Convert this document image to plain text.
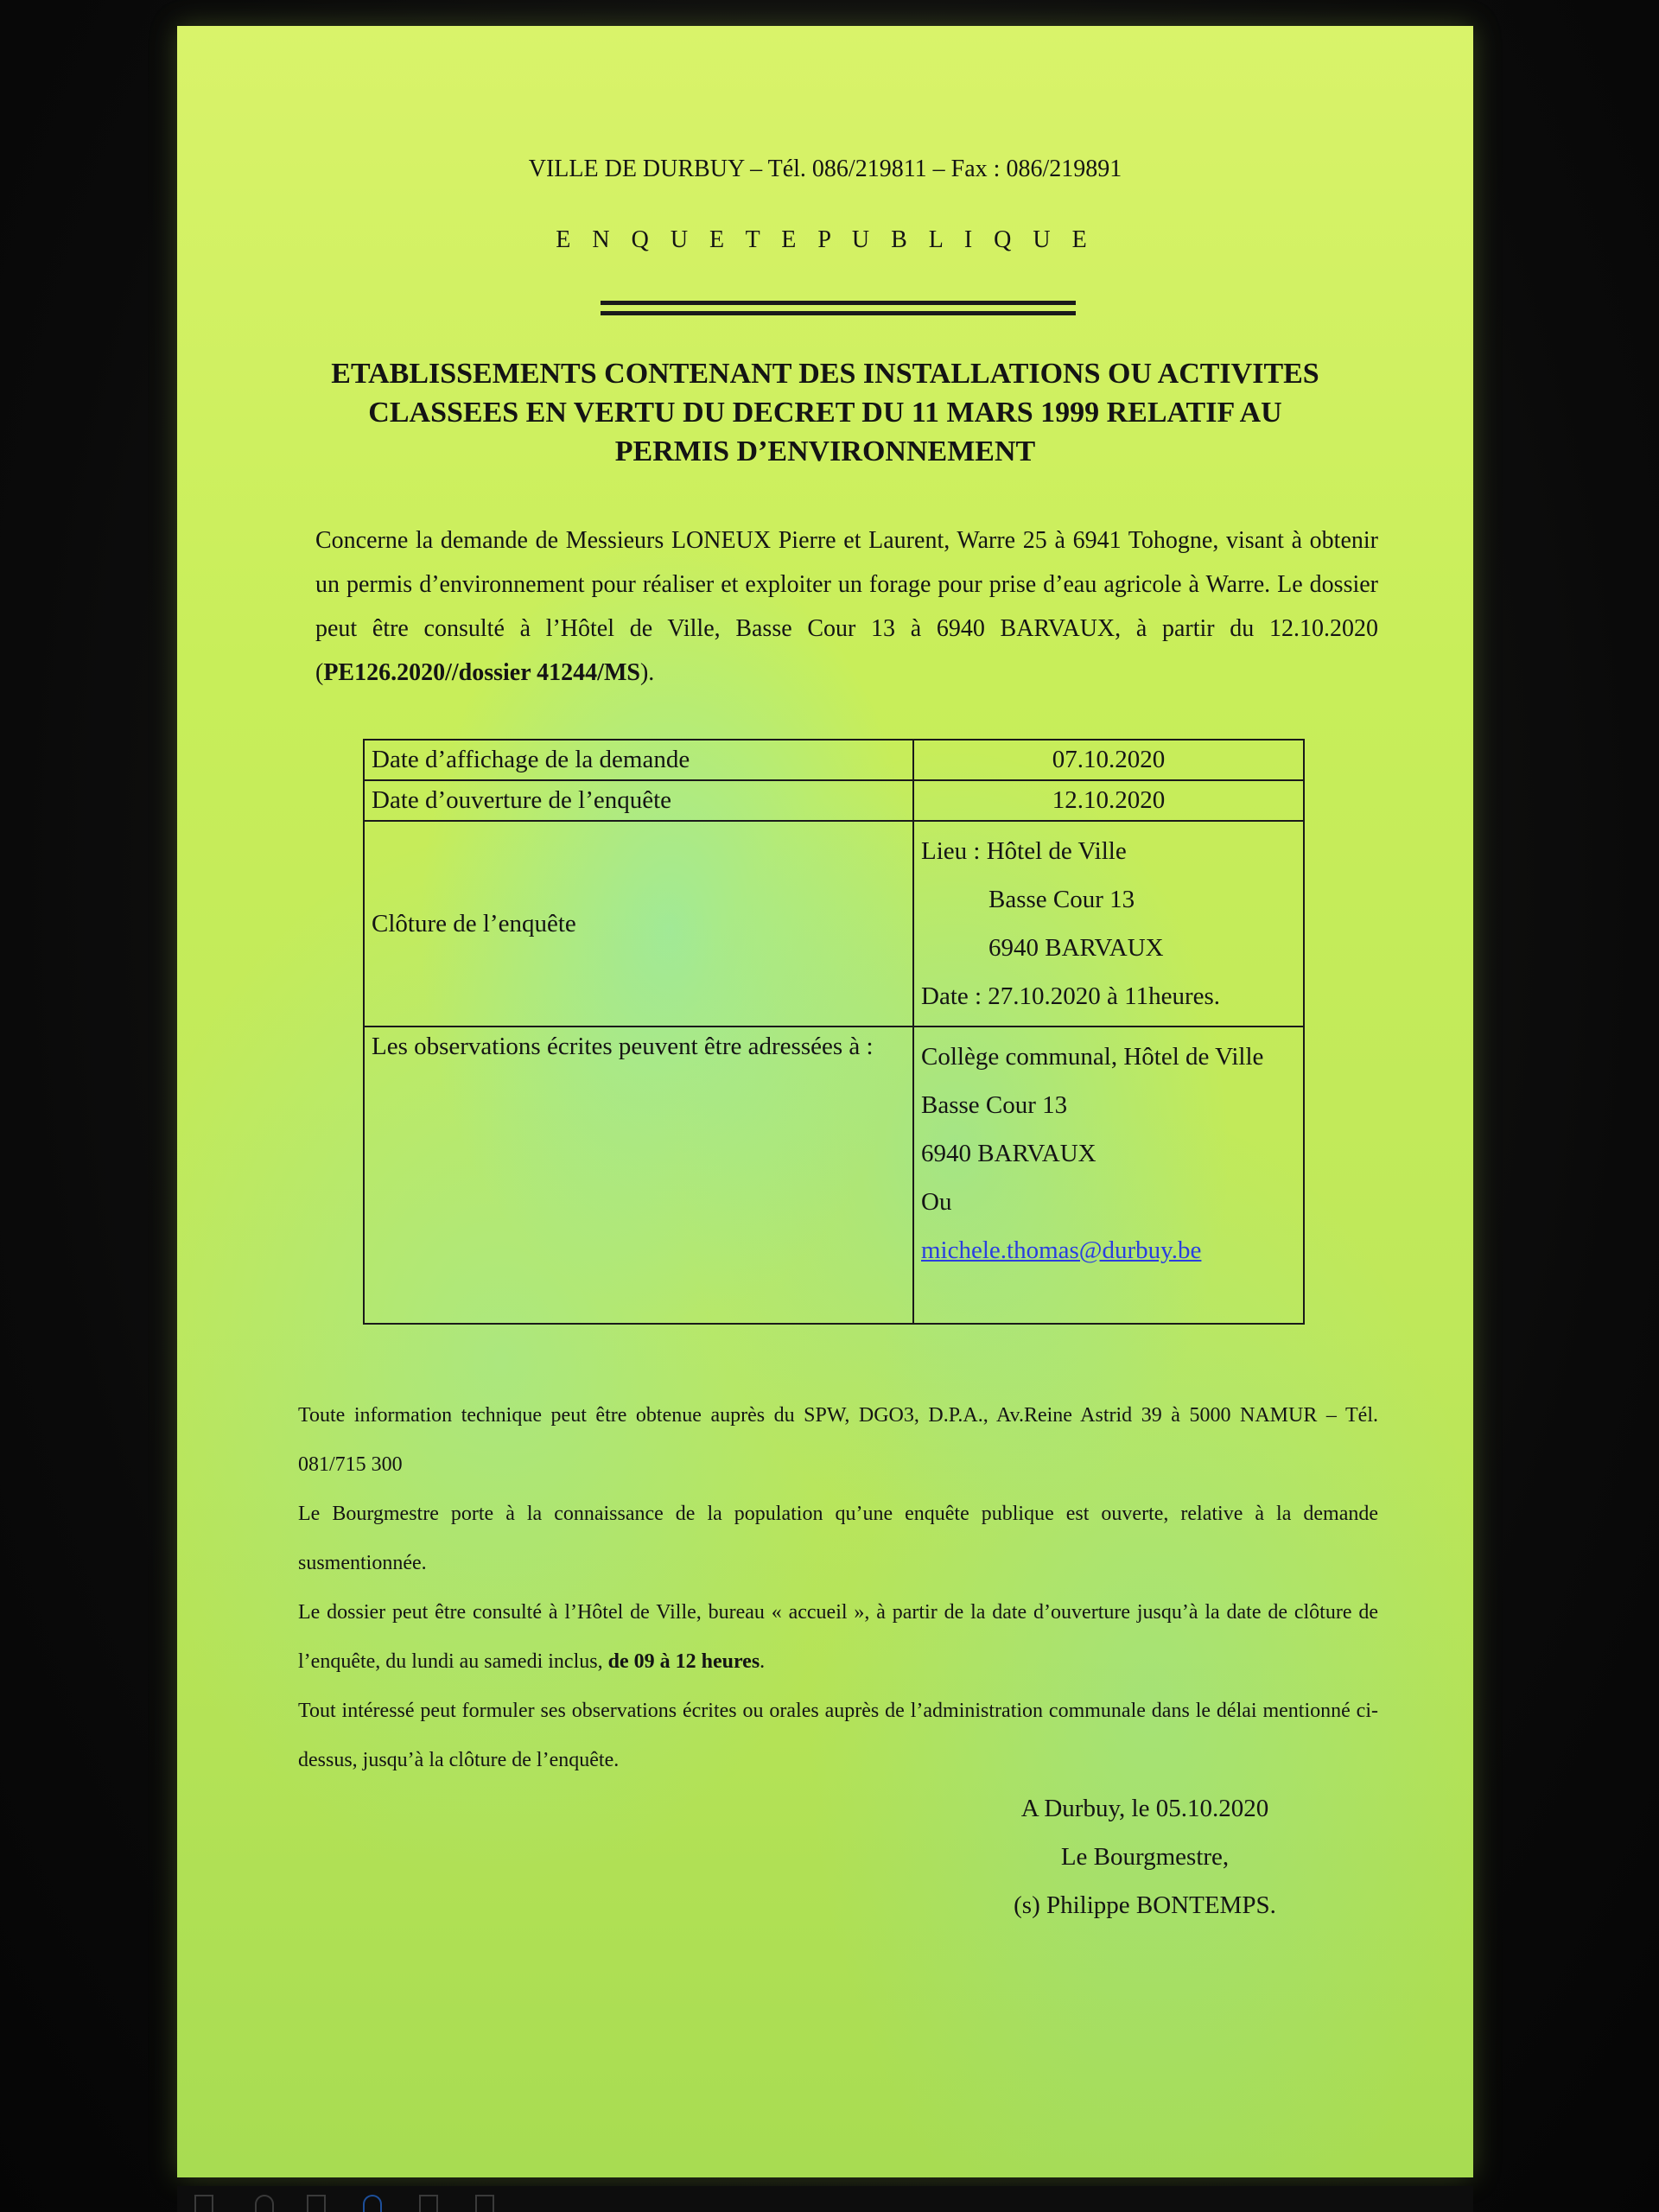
VILLE DE DURBUY – Tél. 086/219811 – Fax : 086/219891
E N Q U E T E P U B L I Q U E
ETABLISSEMENTS CONTENANT DES INSTALLATIONS OU ACTIVITES
CLASSEES EN VERTU DU DECRET DU 11 MARS 1999 RELATIF AU
PERMIS D’ENVIRONNEMENT
Concerne la demande de Messieurs LONEUX Pierre et Laurent, Warre 25 à 6941 Tohogne, visant à obtenir un permis d’environnement pour réaliser et exploiter un forage pour prise d’eau agricole à Warre. Le dossier peut être consulté à l’Hôtel de Ville, Basse Cour 13 à 6940 BARVAUX, à partir du 12.10.2020 (PE126.2020//dossier 41244/MS).
Date d’affichage de la demande	07.10.2020
Date d’ouverture de l’enquête	12.10.2020
Clôture de l’enquête	Lieu : Hôtel de Ville
Basse Cour 13
6940 BARVAUX
Date : 27.10.2020 à 11heures.

Les observations écrites peuvent être adressées à :	Collège communal, Hôtel de Ville
Basse Cour 13
6940 BARVAUX
Ou
michele.thomas@durbuy.be

Toute information technique peut être obtenue auprès du SPW, DGO3, D.P.A., Av.Reine Astrid 39 à 5000 NAMUR – Tél. 081/715 300

Le Bourgmestre porte à la connaissance de la population qu’une enquête publique est ouverte, relative à la demande susmentionnée.

Le dossier peut être consulté à l’Hôtel de Ville, bureau « accueil », à partir de la date d’ouverture jusqu’à la date de clôture de l’enquête, du lundi au samedi inclus, de 09 à 12 heures.

Tout intéressé peut formuler ses observations écrites ou orales auprès de l’administration communale dans le délai mentionné ci-dessus, jusqu’à la clôture de l’enquête.

A Durbuy, le 05.10.2020
Le Bourgmestre,
(s) Philippe BONTEMPS.
